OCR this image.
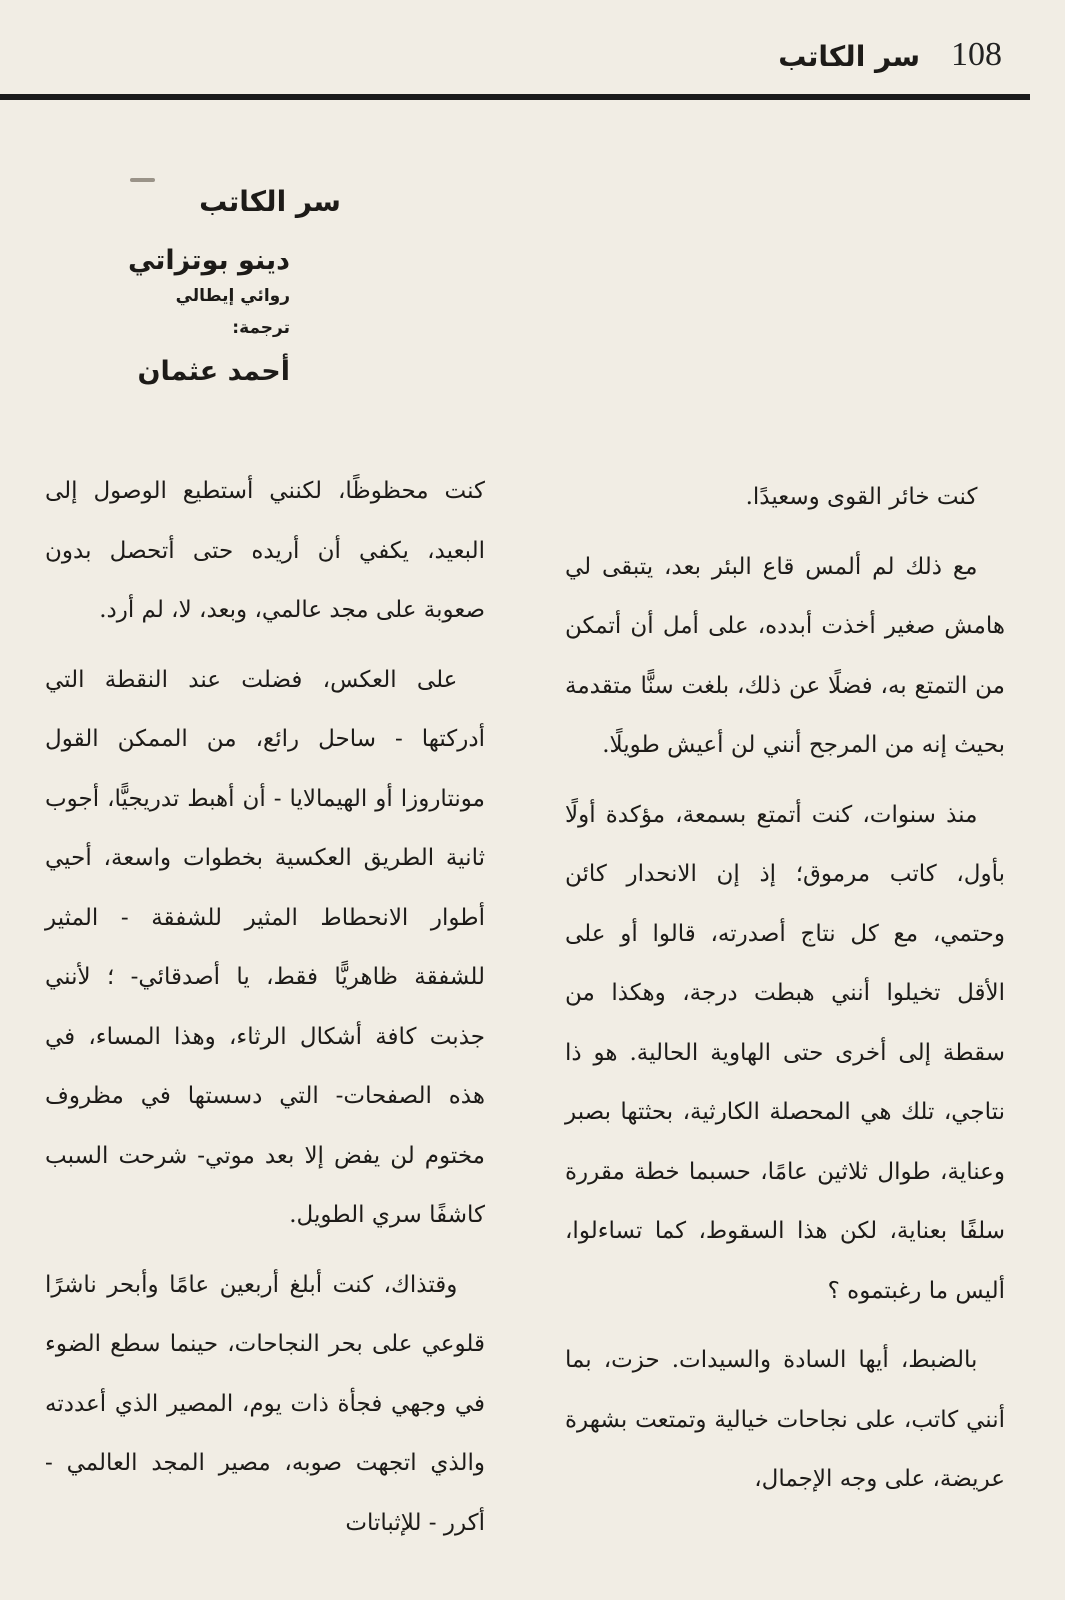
108
سر الكاتب
سر الكاتب

دينو بوتزاتي

روائي إيطالي

ترجمة:

أحمد عثمان

كنت خائر القوى وسعيدًا.

مع ذلك لم ألمس قاع البئر بعد، يتبقى لي هامش صغير أخذت أبدده، على أمل أن أتمكن من التمتع به، فضلًا عن ذلك، بلغت سنًّا متقدمة بحيث إنه من المرجح أنني لن أعيش طويلًا.

منذ سنوات، كنت أتمتع بسمعة، مؤكدة أولًا بأول، كاتب مرموق؛ إذ إن الانحدار كائن وحتمي، مع كل نتاج أصدرته، قالوا أو على الأقل تخيلوا أنني هبطت درجة، وهكذا من سقطة إلى أخرى حتى الهاوية الحالية. هو ذا نتاجي، تلك هي المحصلة الكارثية، بحثتها بصبر وعناية، طوال ثلاثين عامًا، حسبما خطة مقررة سلفًا بعناية، لكن هذا السقوط، كما تساءلوا، أليس ما رغبتموه ؟

بالضبط، أيها السادة والسيدات. حزت، بما أنني كاتب، على نجاحات خيالية وتمتعت بشهرة عريضة، على وجه الإجمال،

كنت محظوظًا، لكنني أستطيع الوصول إلى البعيد، يكفي أن أريده حتى أتحصل بدون صعوبة على مجد عالمي، وبعد، لا، لم أرد.

على العكس، فضلت عند النقطة التي أدركتها - ساحل رائع، من الممكن القول مونتاروزا أو الهيمالايا - أن أهبط تدريجيًّا، أجوب ثانية الطريق العكسية بخطوات واسعة، أحيي أطوار الانحطاط المثير للشفقة - المثير للشفقة ظاهريًّا فقط، يا أصدقائي- ؛ لأنني جذبت كافة أشكال الرثاء، وهذا المساء، في هذه الصفحات- التي دسستها في مظروف مختوم لن يفض إلا بعد موتي- شرحت السبب كاشفًا سري الطويل.

وقتذاك، كنت أبلغ أربعين عامًا وأبحر ناشرًا قلوعي على بحر النجاحات، حينما سطع الضوء في وجهي فجأة ذات يوم، المصير الذي أعددته والذي اتجهت صوبه، مصير المجد العالمي - أكرر - للإثباتات
